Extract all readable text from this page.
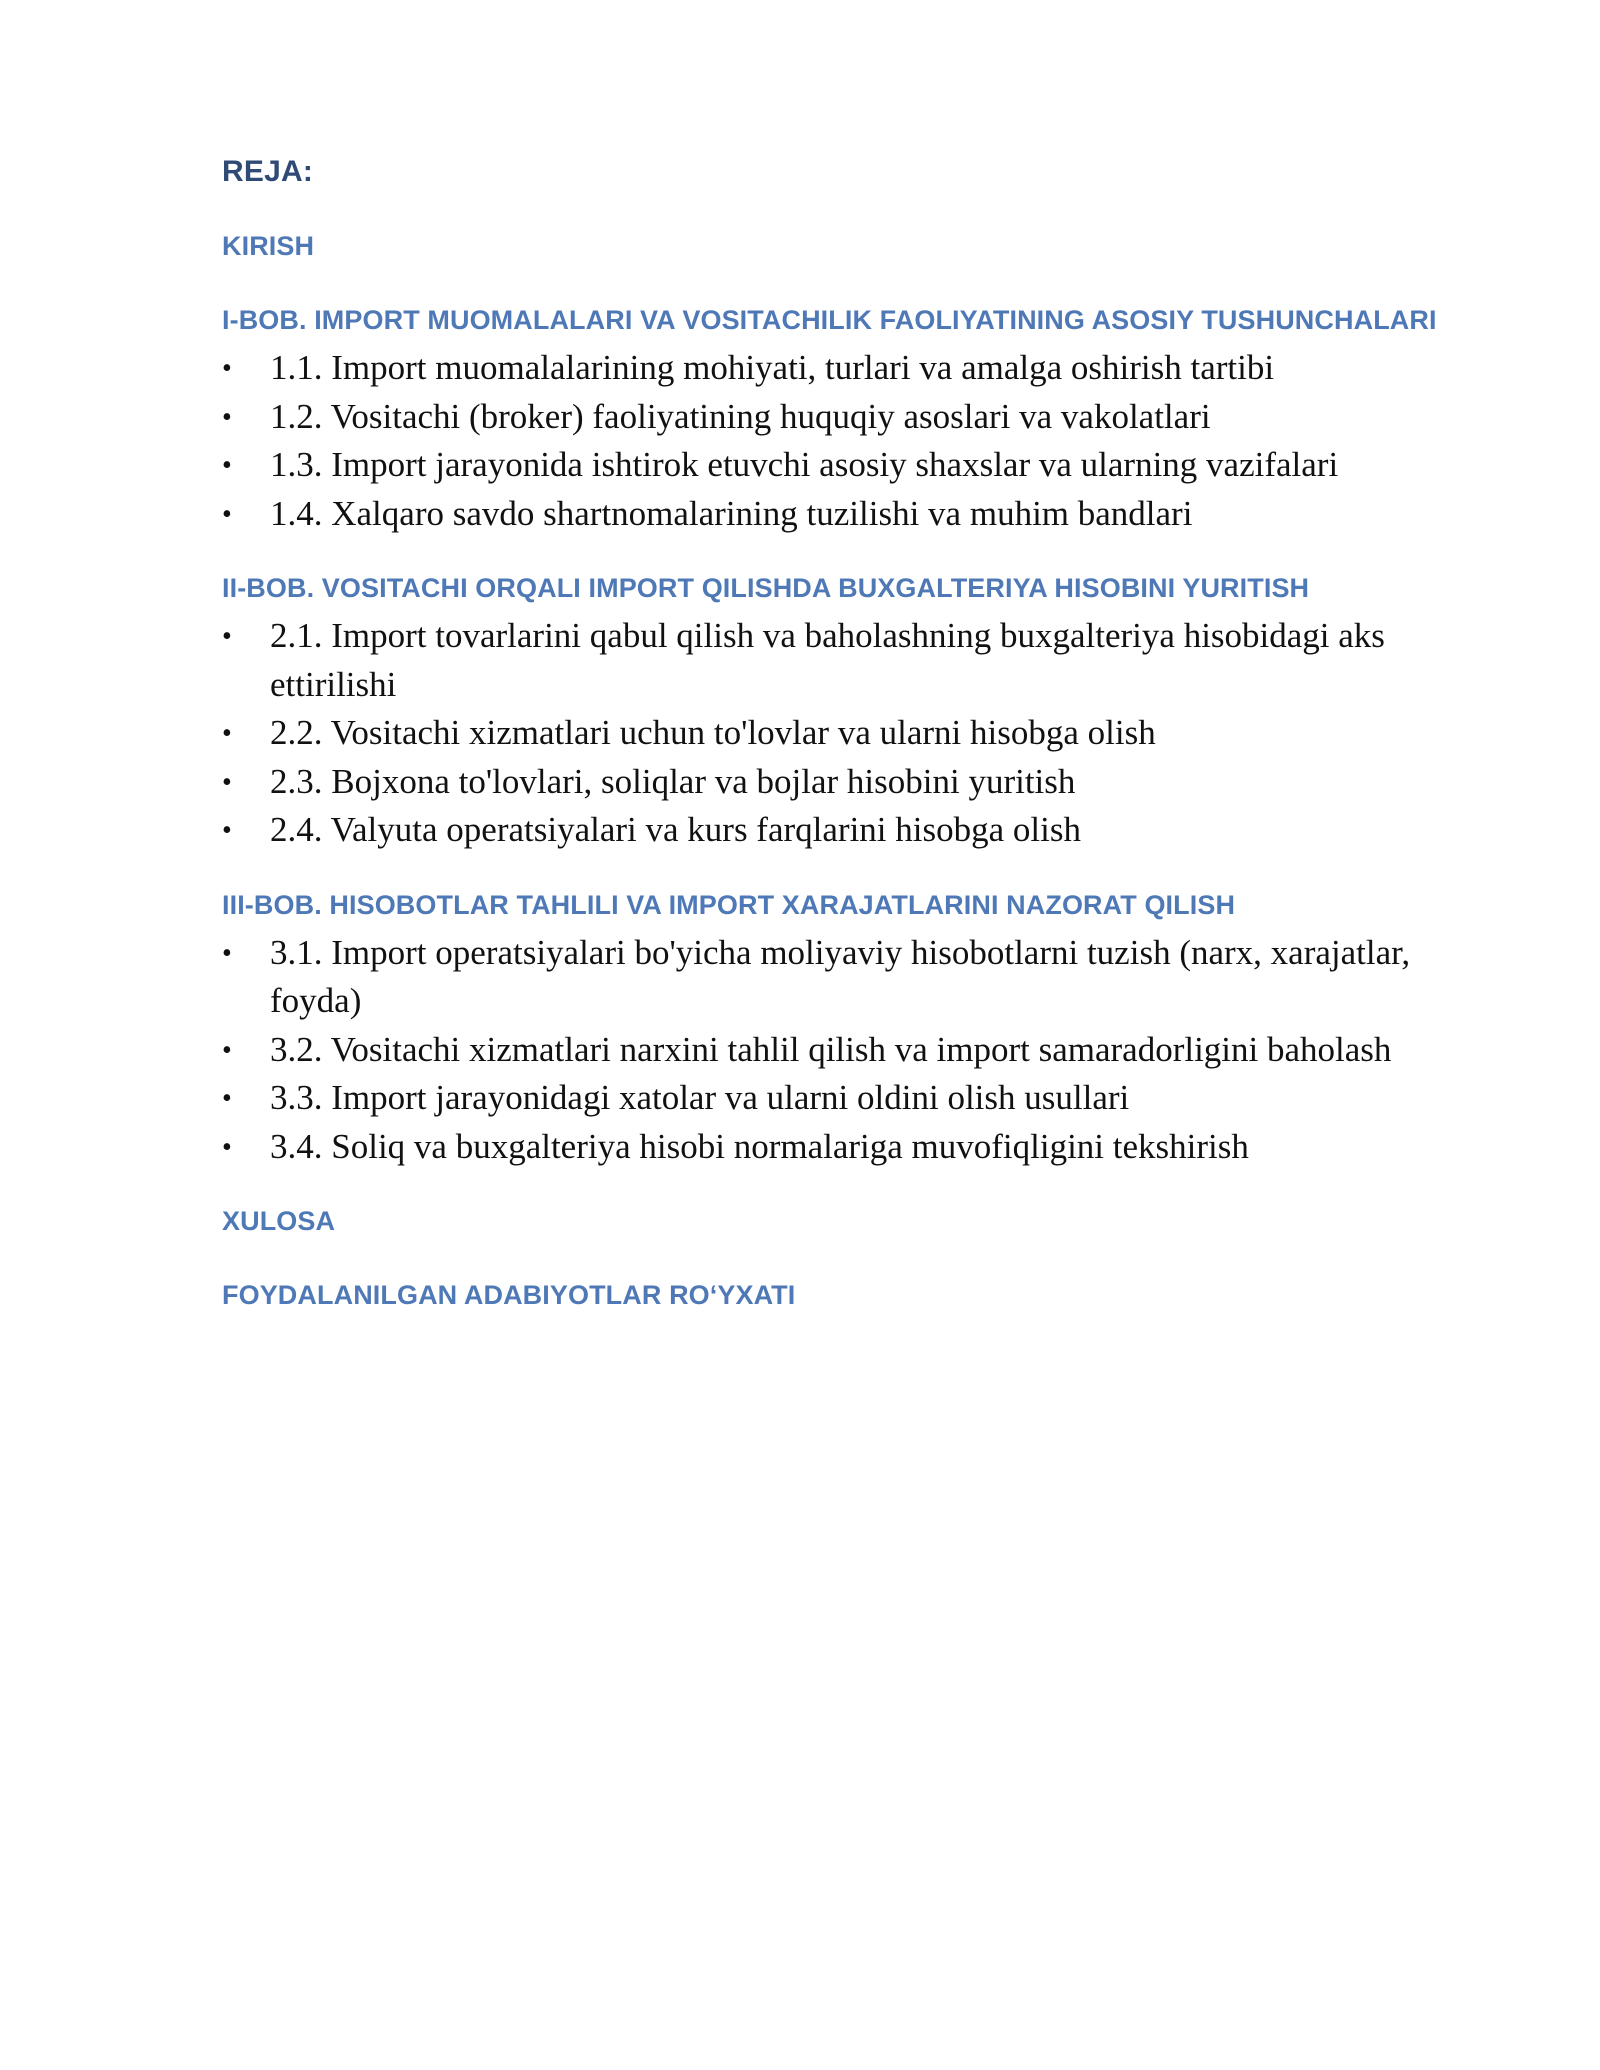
REJA:
KIRISH
I-BOB. IMPORT MUOMALALARI VA VOSITACHILIK FAOLIYATINING ASOSIY TUSHUNCHALARI
• 1.1. Import muomalalarining mohiyati, turlari va amalga oshirish tartibi
• 1.2. Vositachi (broker) faoliyatining huquqiy asoslari va vakolatlari
• 1.3. Import jarayonida ishtirok etuvchi asosiy shaxslar va ularning vazifalari
• 1.4. Xalqaro savdo shartnomalarining tuzilishi va muhim bandlari
II-BOB. VOSITACHI ORQALI IMPORT QILISHDA BUXGALTERIYA HISOBINI YURITISH
• 2.1. Import tovarlarini qabul qilish va baholashning buxgalteriya hisobidagi aks ettirilishi
• 2.2. Vositachi xizmatlari uchun to'lovlar va ularni hisobga olish
• 2.3. Bojxona to'lovlari, soliqlar va bojlar hisobini yuritish
• 2.4. Valyuta operatsiyalari va kurs farqlarini hisobga olish
III-BOB. HISOBOTLAR TAHLILI VA IMPORT XARAJATLARINI NAZORAT QILISH
• 3.1. Import operatsiyalari bo'yicha moliyaviy hisobotlarni tuzish (narx, xarajatlar, foyda)
• 3.2. Vositachi xizmatlari narxini tahlil qilish va import samaradorligini baholash
• 3.3. Import jarayonidagi xatolar va ularni oldini olish usullari
• 3.4. Soliq va buxgalteriya hisobi normalariga muvofiqligini tekshirish
XULOSA
FOYDALANILGAN ADABIYOTLAR RO‘YXATI
